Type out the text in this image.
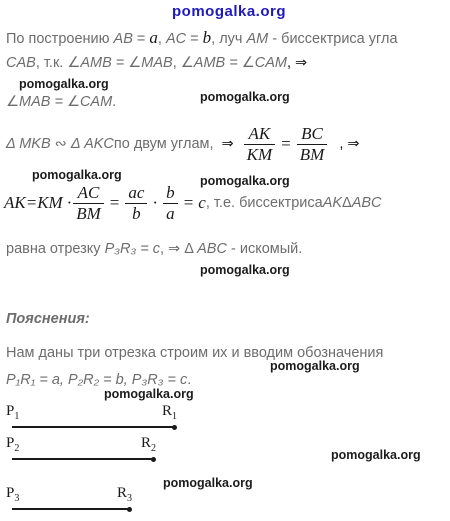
pomogalka.org
По построению AB = a, AC = b, луч AM - биссектриса угла
CAB, т.к. ∠AMB = ∠MAB, ∠AMB = ∠CAM, ⇒
∠MAB = ∠CAM.
pomogalka.org
pomogalka.org
Δ MKB ∾ Δ AKC по двум углам, ⇒ $\frac{AK}{KM} = \frac{BC}{BM}$ , ⇒
pomogalka.org	pomogalka.org
$AK=KM \cdot \frac{AC}{BM} = \frac{ac}{b} \cdot \frac{b}{a} = c$ , т.е. биссектриса AK Δ ABC
равна отрезку P₃R₃ = c, ⇒ Δ ABC - искомый.
pomogalka.org
Пояснения:
Нам даны три отрезка строим их и вводим обозначения
P₁R₁ = a, P₂R₂ = b, P₃R₃ = c.
pomogalka.org
pomogalka.org
$P_1$	$R_1$
$P_2$	$R_2$
$P_3$	$R_3$
pomogalka.org
pomogalka.org
